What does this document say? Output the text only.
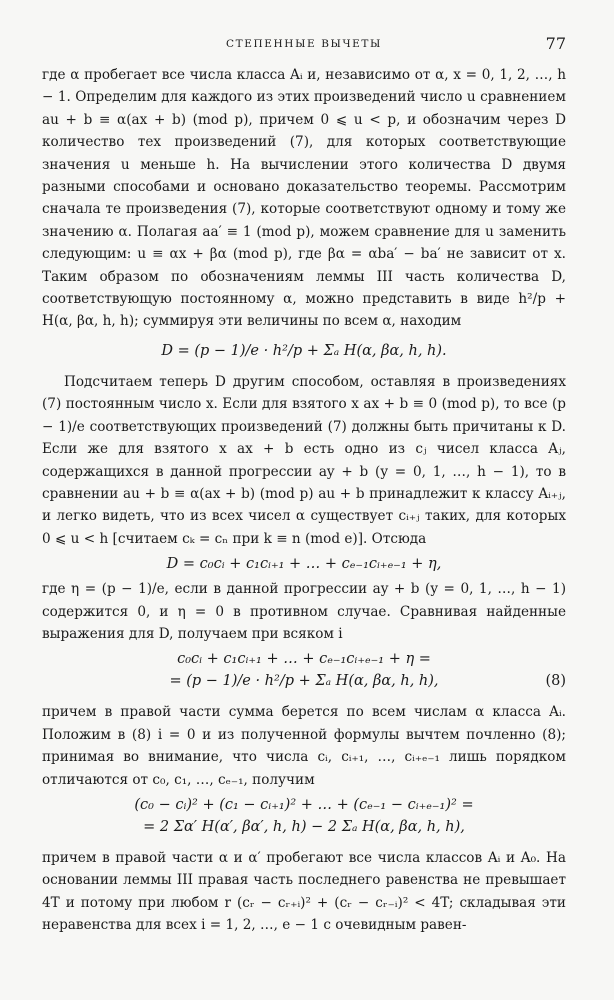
СТЕПЕННЫЕ ВЫЧЕТЫ	77

где α пробегает все числа класса Aᵢ и, независимо от α, x = 0, 1, 2, …, h − 1. Определим для каждого из этих произведений число u сравнением au + b ≡ α(ax + b) (mod p), причем 0 ⩽ u < p, и обозначим через D количество тех произведений (7), для которых соответствующие значения u меньше h. На вычислении этого количества D двумя разными способами и основано доказательство теоремы. Рассмотрим сначала те произведения (7), которые соответствуют одному и тому же значению α. Полагая aa′ ≡ 1 (mod p), можем сравнение для u заменить следующим: u ≡ αx + βα (mod p), где βα = αba′ − ba′ не зависит от x. Таким образом по обозначениям леммы III часть количества D, соответствующую постоянному α, можно представить в виде h²/p + H(α, βα, h, h); суммируя эти величины по всем α, находим

D = (p − 1)/e · h²/p + Σₐ H(α, βα, h, h).

Подсчитаем теперь D другим способом, оставляя в произведениях (7) постоянным число x. Если для взятого x ax + b ≡ 0 (mod p), то все (p − 1)/e соответствующих произведений (7) должны быть причитаны к D. Если же для взятого x ax + b есть одно из cⱼ чисел класса Aⱼ, содержащихся в данной прогрессии ay + b (y = 0, 1, …, h − 1), то в сравнении au + b ≡ α(ax + b) (mod p) au + b принадлежит к классу Aᵢ₊ⱼ, и легко видеть, что из всех чисел α существует cᵢ₊ⱼ таких, для которых 0 ⩽ u < h [считаем cₖ = cₙ при k ≡ n (mod e)]. Отсюда

D = c₀cᵢ + c₁cᵢ₊₁ + … + cₑ₋₁cᵢ₊ₑ₋₁ + η,

где η = (p − 1)/e, если в данной прогрессии ay + b (y = 0, 1, …, h − 1) содержится 0, и η = 0 в противном случае. Сравнивая найденные выражения для D, получаем при всяком i

c₀cᵢ + c₁cᵢ₊₁ + … + cₑ₋₁cᵢ₊ₑ₋₁ + η =
= (p − 1)/e · h²/p + Σₐ H(α, βα, h, h),	(8)

причем в правой части сумма берется по всем числам α класса Aᵢ. Положим в (8) i = 0 и из полученной формулы вычтем почленно (8); принимая во внимание, что числа cᵢ, cᵢ₊₁, …, cᵢ₊ₑ₋₁ лишь порядком отличаются от c₀, c₁, …, cₑ₋₁, получим

(c₀ − cᵢ)² + (c₁ − cᵢ₊₁)² + … + (cₑ₋₁ − cᵢ₊ₑ₋₁)² =
= 2 Σα′ H(α′, βα′, h, h) − 2 Σₐ H(α, βα, h, h),

причем в правой части α и α′ пробегают все числа классов Aᵢ и A₀. На основании леммы III правая часть последнего равенства не превышает 4T и потому при любом r (cᵣ − cᵣ₊ᵢ)² + (cᵣ − cᵣ₋ᵢ)² < 4T; складывая эти неравенства для всех i = 1, 2, …, e − 1 с очевидным равен-
